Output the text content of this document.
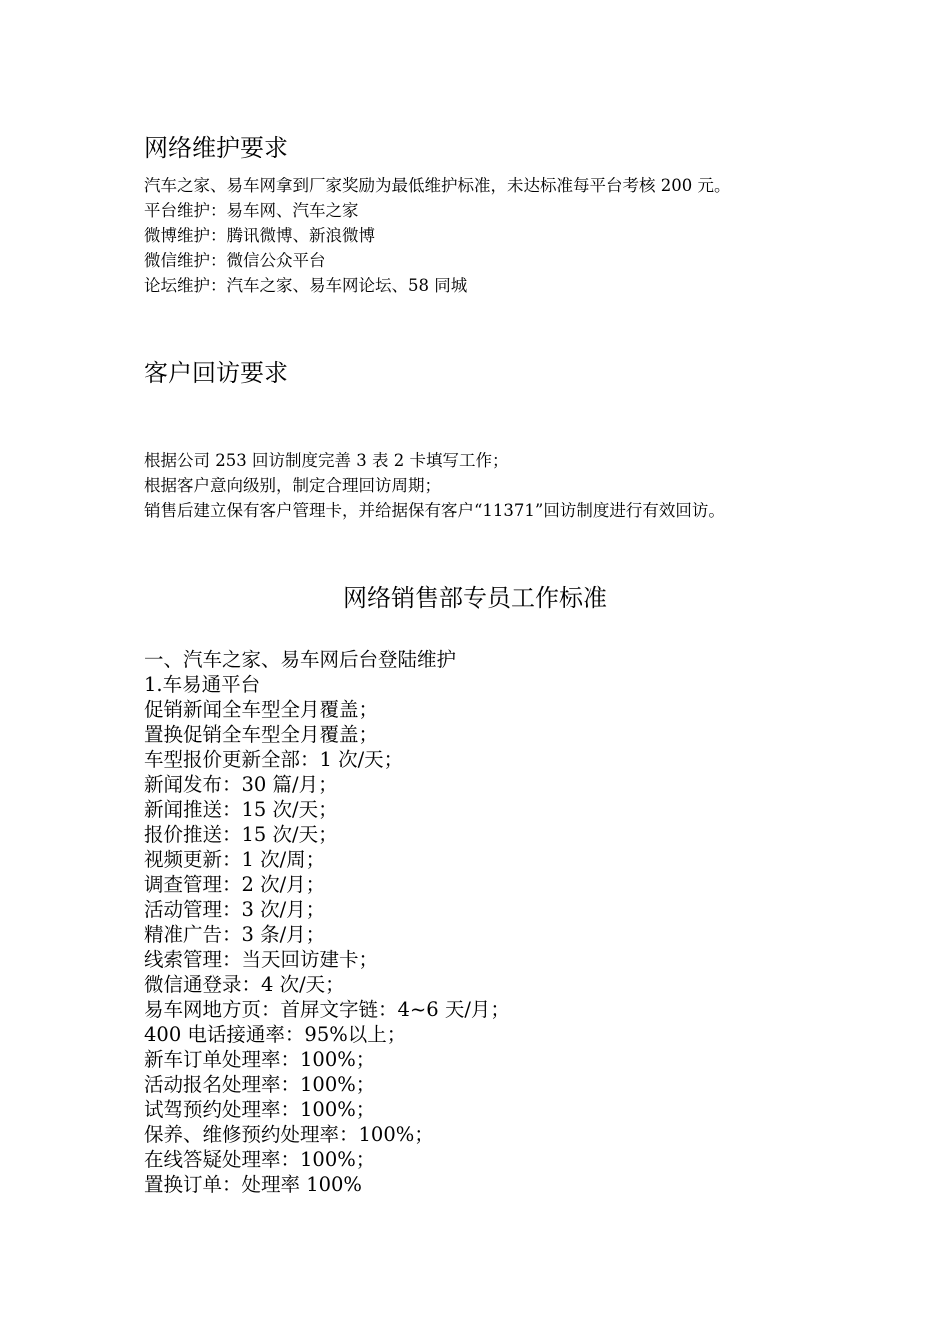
网络维护要求
汽车之家、易车网拿到厂家奖励为最低维护标准，未达标准每平台考核 200 元。
平台维护：易车网、汽车之家
微博维护：腾讯微博、新浪微博
微信维护：微信公众平台
论坛维护：汽车之家、易车网论坛、58 同城
客户回访要求
根据公司 253 回访制度完善 3 表 2 卡填写工作；
根据客户意向级别，制定合理回访周期；
销售后建立保有客户管理卡，并给据保有客户“11371”回访制度进行有效回访。
网络销售部专员工作标准
一、汽车之家、易车网后台登陆维护
1.车易通平台
促销新闻全车型全月覆盖；
置换促销全车型全月覆盖；
车型报价更新全部：1 次/天；
新闻发布：30 篇/月；
新闻推送：15 次/天；
报价推送：15 次/天；
视频更新：1 次/周；
调查管理：2 次/月；
活动管理：3 次/月；
精准广告：3 条/月；
线索管理：当天回访建卡；
微信通登录：4 次/天；
易车网地方页：首屏文字链：4~6 天/月；
400 电话接通率：95%以上；
新车订单处理率：100%；
活动报名处理率：100%；
试驾预约处理率：100%；
保养、维修预约处理率：100%；
在线答疑处理率：100%；
置换订单：处理率 100%
